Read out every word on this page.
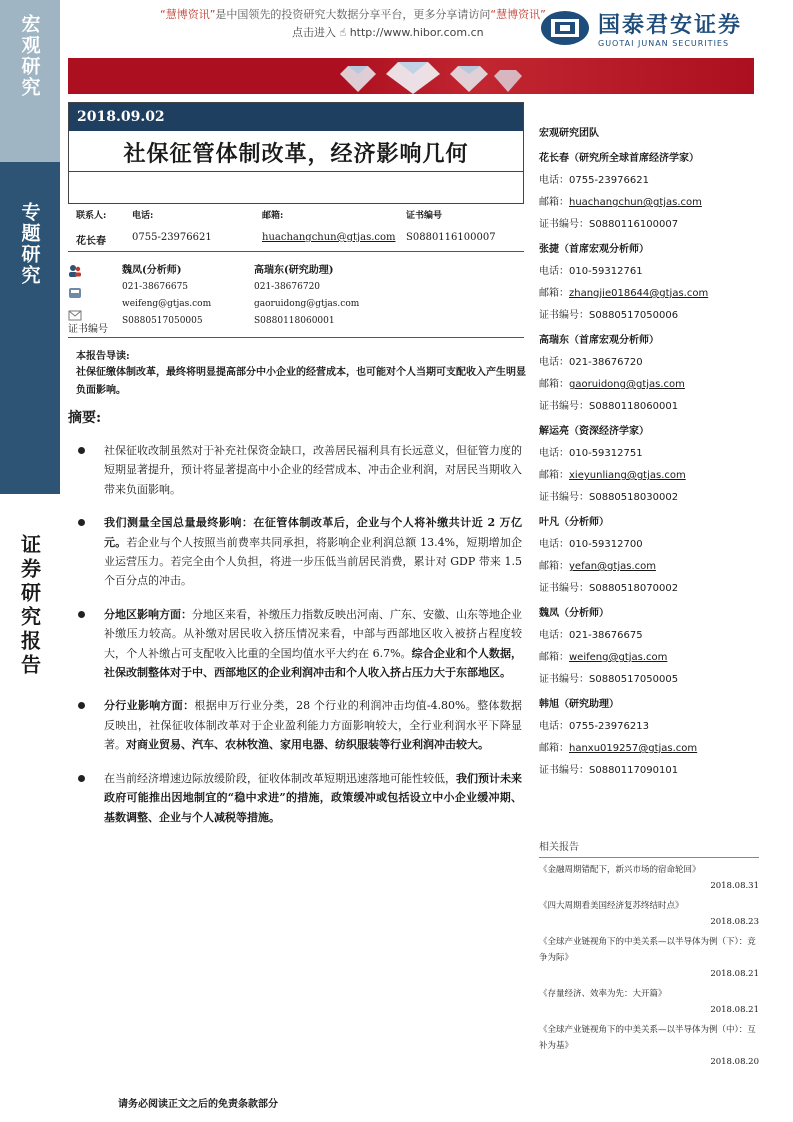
宏观研究
专题研究
证券研究报告
“慧博资讯”是中国领先的投资研究大数据分享平台，更多分享请访问“慧博资讯”
点击进入 ☝ http://www.hibor.com.cn	国泰君安证券
GUOTAI JUNAN SECURITIES
2018.09.02
社保征管体制改革，经济影响几何
联系人:	电话:	邮箱:	证书编号
花长春	0755-23976621	huachangchun@gtjas.com S0880116100007
证书编号
魏凤(分析师)
021-38676675
weifeng@gtjas.com
S0880517050005
高瑞东(研究助理)
021-38676720
gaoruidong@gtjas.com
S0880118060001
本报告导读:
社保征缴体制改革，最终将明显提高部分中小企业的经营成本，也可能对个人当期可支配收入产生明显负面影响。
摘要:
社保征收改制虽然对于补充社保资金缺口，改善居民福利具有长远意义，但征管力度的短期显著提升，预计将显著提高中小企业的经营成本、冲击企业利润，对居民当期收入带来负面影响。
我们测量全国总量最终影响：在征管体制改革后，企业与个人将补缴共计近 2 万亿元。若企业与个人按照当前费率共同承担，将影响企业利润总额 13.4%，短期增加企业运营压力。若完全由个人负担，将进一步压低当前居民消费，累计对 GDP 带来 1.5 个百分点的冲击。
分地区影响方面：分地区来看，补缴压力指数反映出河南、广东、安徽、山东等地企业补缴压力较高。从补缴对居民收入挤压情况来看，中部与西部地区收入被挤占程度较大，个人补缴占可支配收入比重的全国均值水平大约在 6.7%。综合企业和个人数据，社保改制整体对于中、西部地区的企业利润冲击和个人收入挤占压力大于东部地区。
分行业影响方面：根据申万行业分类，28 个行业的利润冲击均值-4.80%。整体数据反映出，社保征收体制改革对于企业盈利能力方面影响较大，全行业利润水平下降显著。对商业贸易、汽车、农林牧渔、家用电器、纺织服装等行业利润冲击较大。
在当前经济增速边际放缓阶段，征收体制改革短期迅速落地可能性较低，我们预计未来政府可能推出因地制宜的“稳中求进”的措施，政策缓冲或包括设立中小企业缓冲期、基数调整、企业与个人减税等措施。
请务必阅读正文之后的免责条款部分
宏观研究团队
花长春（研究所全球首席经济学家）
电话：0755-23976621
邮箱：huachangchun@gtjas.com
证书编号：S0880116100007
张捷（首席宏观分析师）
电话：010-59312761
邮箱：zhangjie018644@gtjas.com
证书编号：S0880517050006
高瑞东（首席宏观分析师）
电话：021-38676720
邮箱：gaoruidong@gtjas.com
证书编号：S0880118060001
解运亮（资深经济学家）
电话：010-59312751
邮箱：xieyunliang@gtjas.com
证书编号：S0880518030002
叶凡（分析师）
电话：010-59312700
邮箱：yefan@gtjas.com
证书编号：S0880518070002
魏凤（分析师）
电话：021-38676675
邮箱：weifeng@gtjas.com
证书编号：S0880517050005
韩旭（研究助理）
电话：0755-23976213
邮箱：hanxu019257@gtjas.com
证书编号：S0880117090101
相关报告
《金融周期错配下，新兴市场的宿命轮回》
2018.08.31
《四大周期看美国经济复苏终结时点》
2018.08.23
《全球产业链视角下的中美关系—以半导体为例（下）：竞争为际》
2018.08.21
《存量经济、效率为先：大开篇》
2018.08.21
《全球产业链视角下的中美关系—以半导体为例（中）：互补为基》
2018.08.20
